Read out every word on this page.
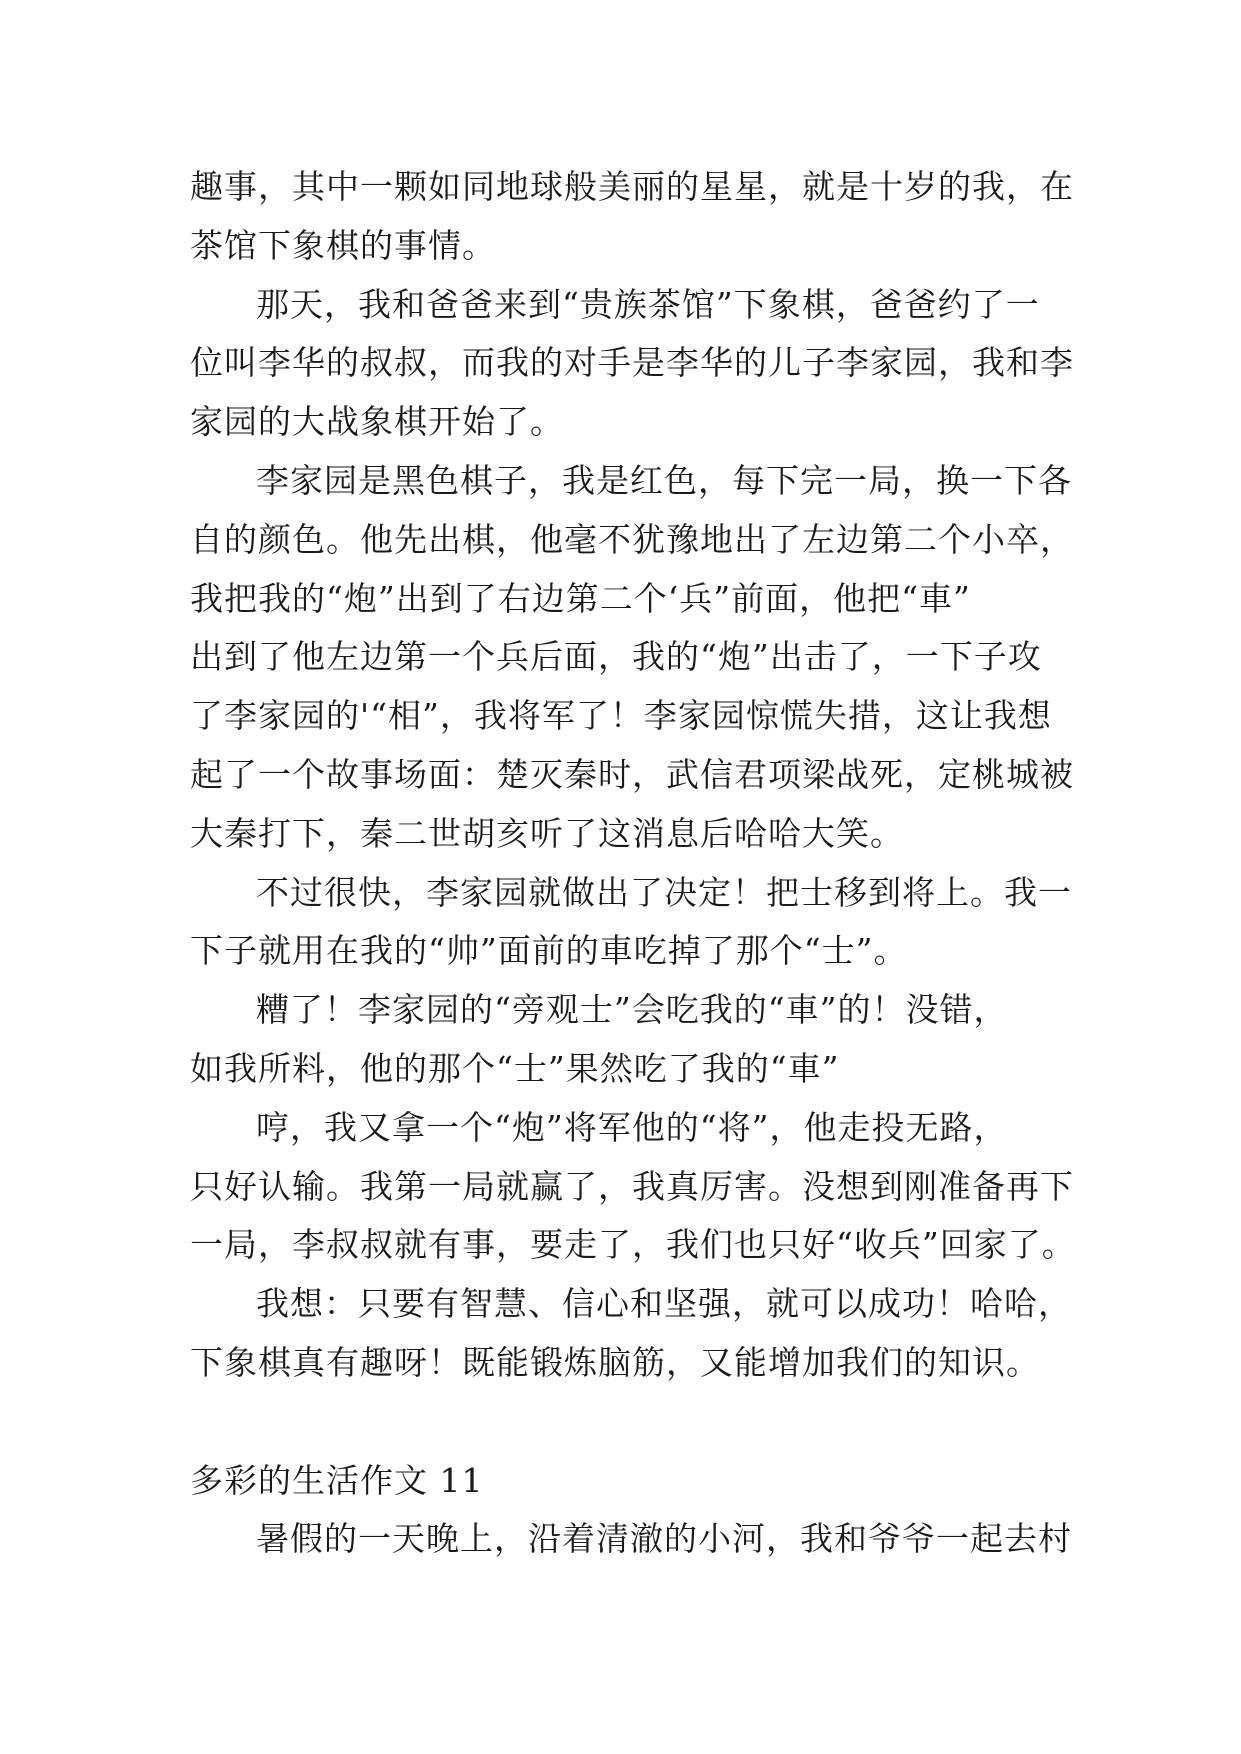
趣事，其中一颗如同地球般美丽的星星，就是十岁的我，在
茶馆下象棋的事情。
那天，我和爸爸来到“贵族茶馆”下象棋，爸爸约了一
位叫李华的叔叔，而我的对手是李华的儿子李家园，我和李
家园的大战象棋开始了。
李家园是黑色棋子，我是红色，每下完一局，换一下各
自的颜色。他先出棋，他毫不犹豫地出了左边第二个小卒，
我把我的“炮”出到了右边第二个‘兵”前面，他把“車”
出到了他左边第一个兵后面，我的“炮”出击了，一下子攻
了李家园的'“相”，我将军了！李家园惊慌失措，这让我想
起了一个故事场面：楚灭秦时，武信君项梁战死，定桃城被
大秦打下，秦二世胡亥听了这消息后哈哈大笑。
不过很快，李家园就做出了决定！把士移到将上。我一
下子就用在我的“帅”面前的車吃掉了那个“士”。
糟了！李家园的“旁观士”会吃我的“車”的！没错，
如我所料，他的那个“士”果然吃了我的“車”
哼，我又拿一个“炮”将军他的“将”，他走投无路，
只好认输。我第一局就赢了，我真厉害。没想到刚准备再下
一局，李叔叔就有事，要走了，我们也只好“收兵”回家了。
我想：只要有智慧、信心和坚强，就可以成功！哈哈，
下象棋真有趣呀！既能锻炼脑筋，又能增加我们的知识。
多彩的生活作文 11
暑假的一天晚上，沿着清澈的小河，我和爷爷一起去村
